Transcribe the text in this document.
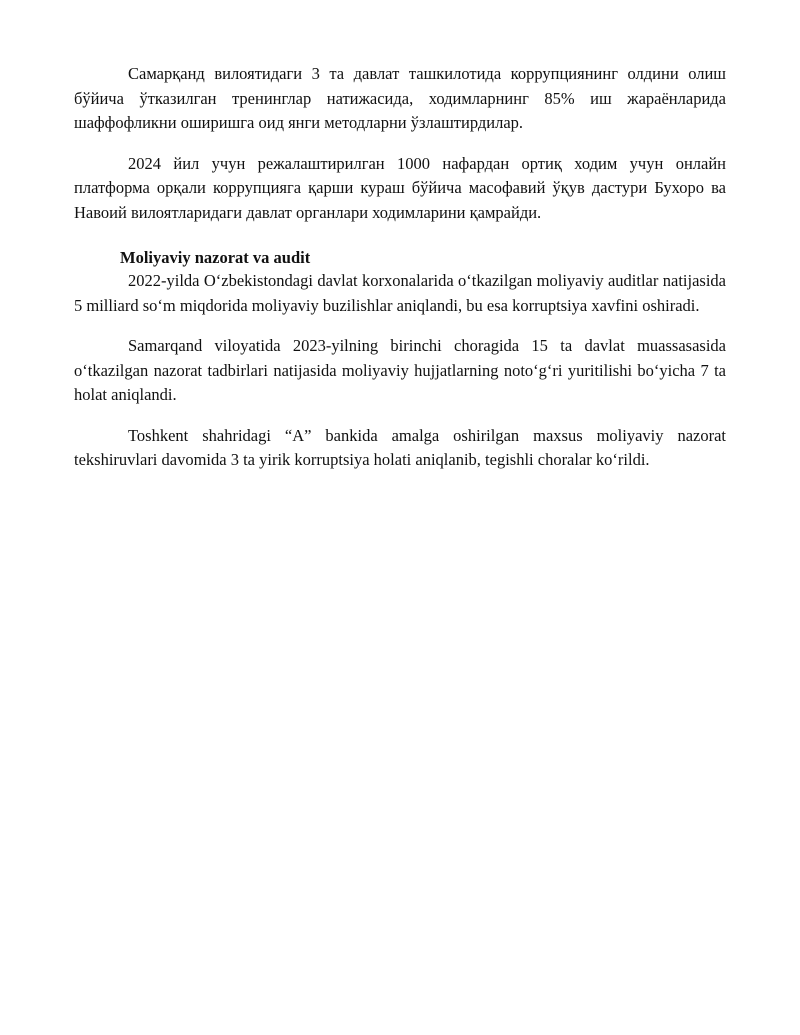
Самарқанд вилоятидаги 3 та давлат ташкилотида коррупциянинг олдини олиш бўйича ўтказилган тренинглар натижасида, ходимларнинг 85% иш жараёнларида шаффофликни оширишга оид янги методларни ўзлаштирдилар.

2024 йил учун режалаштирилган 1000 нафардан ортиқ ходим учун онлайн платформа орқали коррупцияга қарши кураш бўйича масофавий ўқув дастури Бухоро ва Навоий вилоятларидаги давлат органлари ходимларини қамрайди.

Moliyaviy nazorat va audit

2022-yilda O‘zbekistondagi davlat korxonalarida o‘tkazilgan moliyaviy auditlar natijasida 5 milliard so‘m miqdorida moliyaviy buzilishlar aniqlandi, bu esa korruptsiya xavfini oshiradi.

Samarqand viloyatida 2023-yilning birinchi choragida 15 ta davlat muassasasida o‘tkazilgan nazorat tadbirlari natijasida moliyaviy hujjatlarning noto‘g‘ri yuritilishi bo‘yicha 7 ta holat aniqlandi.

Toshkent shahridagi “A” bankida amalga oshirilgan maxsus moliyaviy nazorat tekshiruvlari davomida 3 ta yirik korruptsiya holati aniqlanib, tegishli choralar ko‘rildi.
